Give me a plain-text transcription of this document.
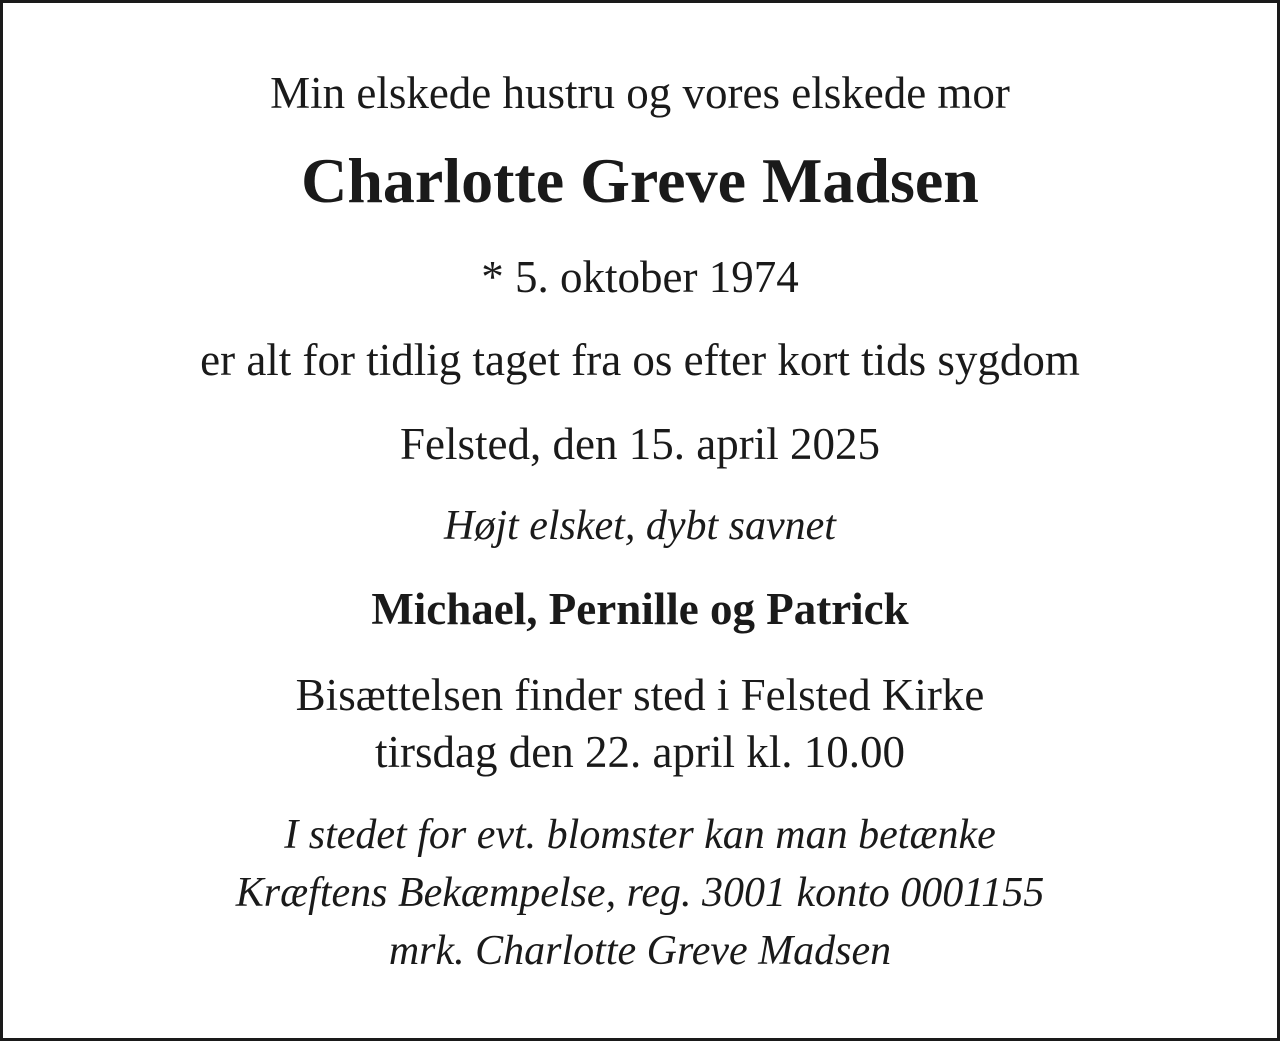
Min elskede hustru og vores elskede mor
Charlotte Greve Madsen
* 5. oktober 1974
er alt for tidlig taget fra os efter kort tids sygdom
Felsted, den 15. april 2025
Højt elsket, dybt savnet
Michael, Pernille og Patrick
Bisættelsen finder sted i Felsted Kirke
tirsdag den 22. april kl. 10.00
I stedet for evt. blomster kan man betænke
Kræftens Bekæmpelse, reg. 3001 konto 0001155
mrk. Charlotte Greve Madsen
